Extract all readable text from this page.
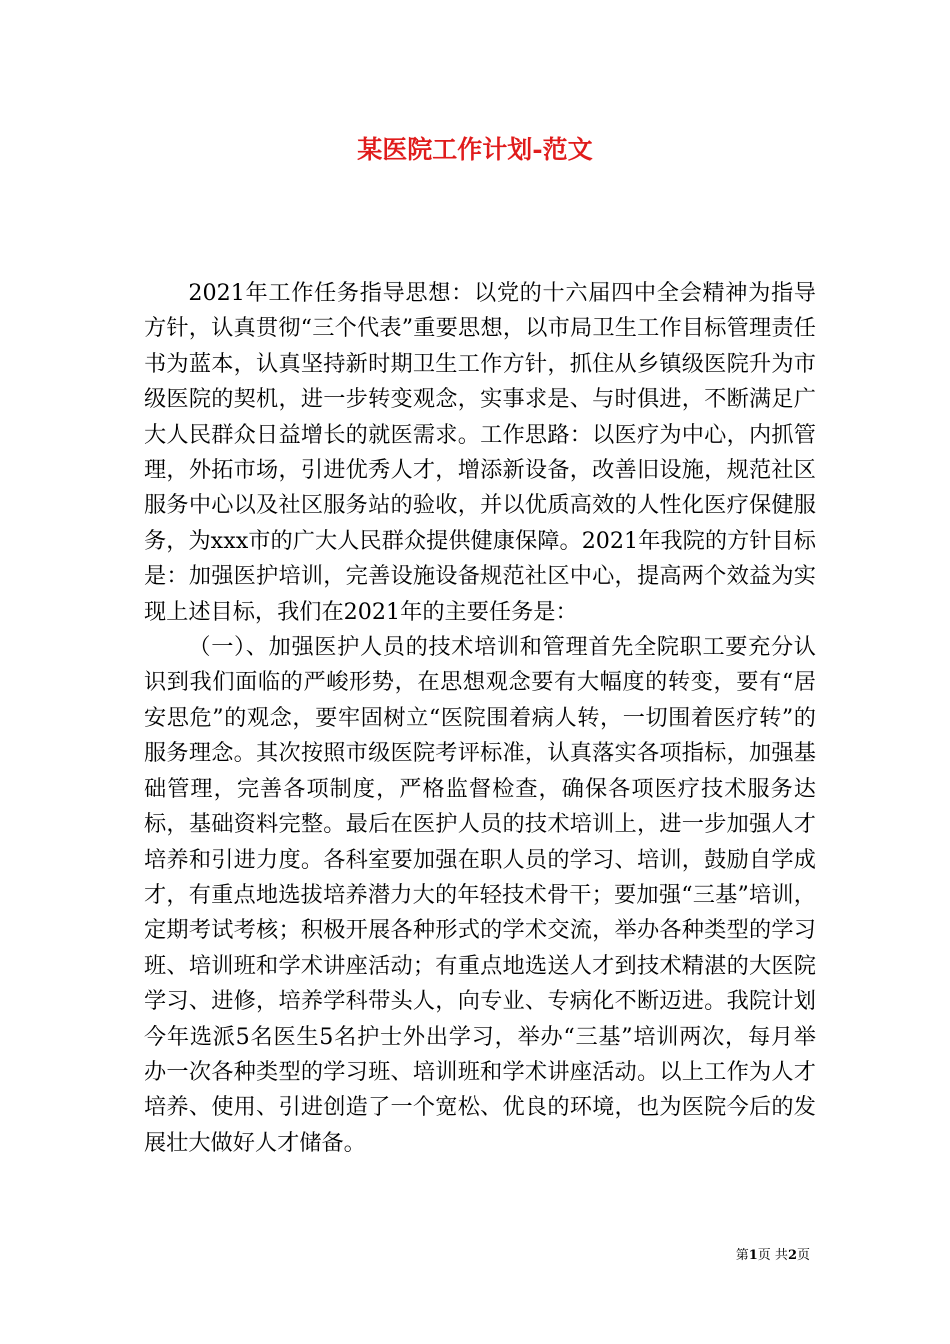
某医院工作计划-范文

2021年工作任务指导思想：以党的十六届四中全会精神为指导方针，认真贯彻“三个代表”重要思想，以市局卫生工作目标管理责任书为蓝本，认真坚持新时期卫生工作方针，抓住从乡镇级医院升为市级医院的契机，进一步转变观念，实事求是、与时俱进，不断满足广大人民群众日益增长的就医需求。工作思路：以医疗为中心，内抓管理，外拓市场，引进优秀人才，增添新设备，改善旧设施，规范社区服务中心以及社区服务站的验收，并以优质高效的人性化医疗保健服务，为xxx市的广大人民群众提供健康保障。2021年我院的方针目标是：加强医护培训，完善设施设备规范社区中心，提高两个效益为实现上述目标，我们在2021年的主要任务是：

（一）、加强医护人员的技术培训和管理首先全院职工要充分认识到我们面临的严峻形势，在思想观念要有大幅度的转变，要有“居安思危”的观念，要牢固树立“医院围着病人转，一切围着医疗转”的服务理念。其次按照市级医院考评标准，认真落实各项指标，加强基础管理，完善各项制度，严格监督检查，确保各项医疗技术服务达标，基础资料完整。最后在医护人员的技术培训上，进一步加强人才培养和引进力度。各科室要加强在职人员的学习、培训，鼓励自学成才，有重点地选拔培养潜力大的年轻技术骨干；要加强“三基”培训，定期考试考核；积极开展各种形式的学术交流，举办各种类型的学习班、培训班和学术讲座活动；有重点地选送人才到技术精湛的大医院学习、进修，培养学科带头人，向专业、专病化不断迈进。我院计划今年选派5名医生5名护士外出学习，举办“三基”培训两次，每月举办一次各种类型的学习班、培训班和学术讲座活动。以上工作为人才培养、使用、引进创造了一个宽松、优良的环境，也为医院今后的发展壮大做好人才储备。

第1页 共2页
